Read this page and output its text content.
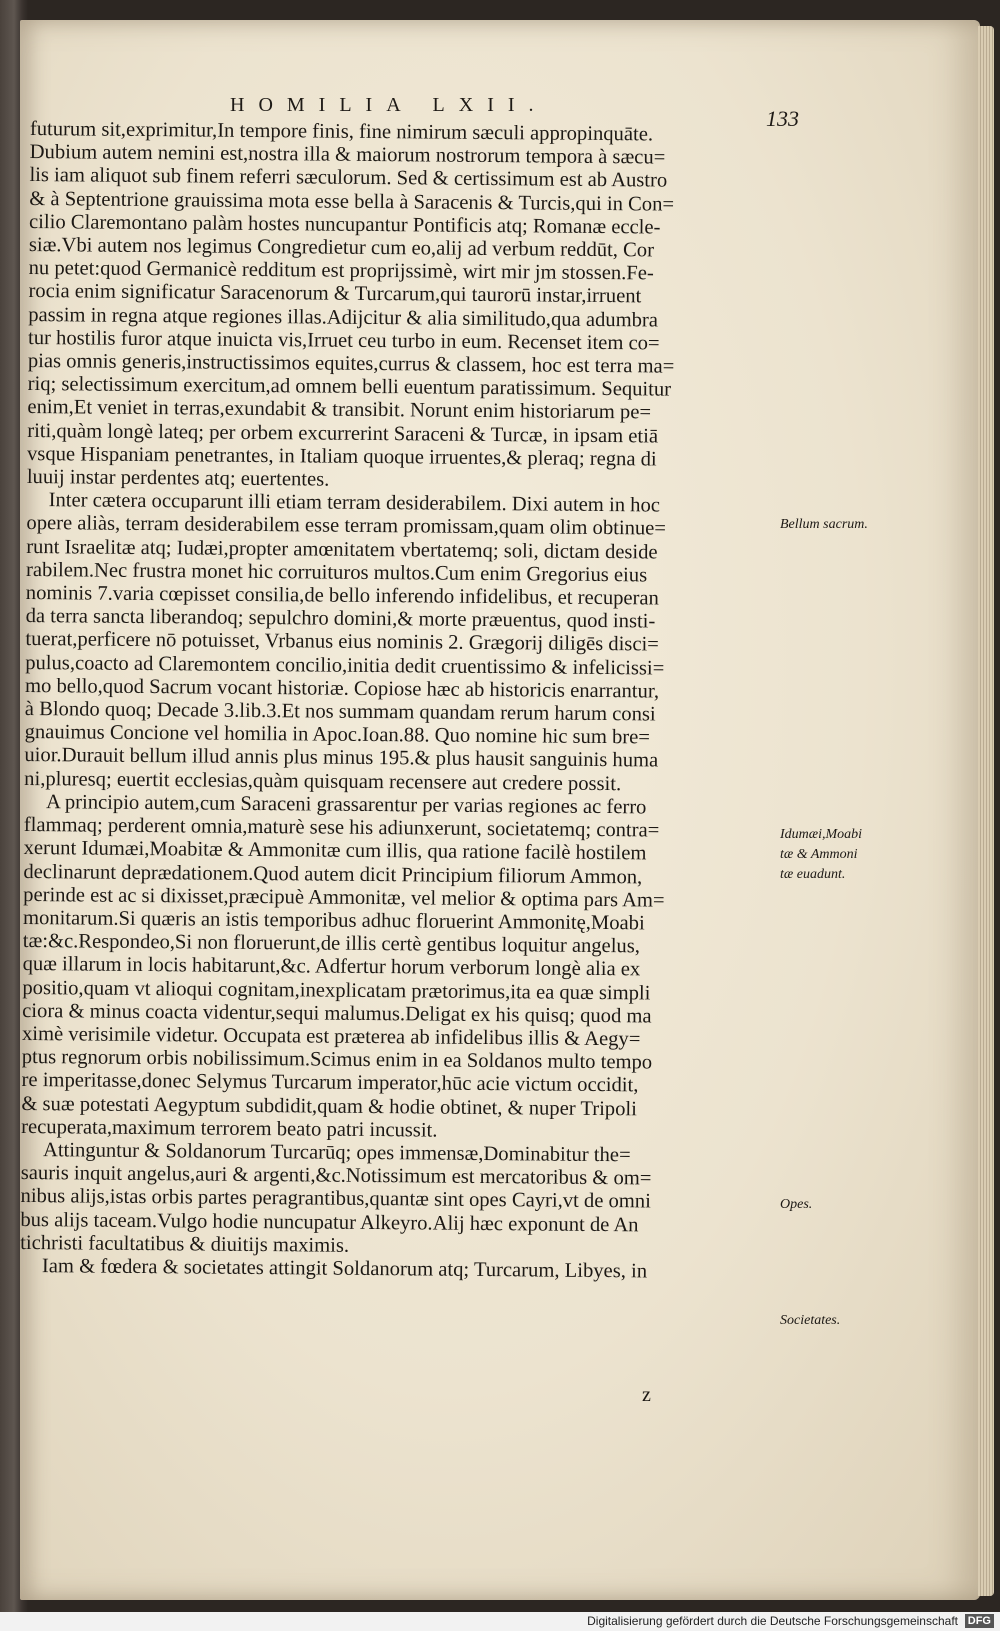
HOMILIA LXII.
133
futurum sit,exprimitur,In tempore finis, fine nimirum sæculi appropinquāte.
Dubium autem nemini est,nostra illa & maiorum nostrorum tempora à sæcu=
lis iam aliquot sub finem referri sæculorum. Sed & certissimum est ab Austro
& à Septentrione grauissima mota esse bella à Saracenis & Turcis,qui in Con=
cilio Claremontano palàm hostes nuncupantur Pontificis atq; Romanæ eccle-
siæ.Vbi autem nos legimus Congredietur cum eo,alij ad verbum reddūt, Cor
nu petet:quod Germanicè redditum est proprijssimè, wirt mir jm stossen.Fe-
rocia enim significatur Saracenorum & Turcarum,qui taurorū instar,irruent
passim in regna atque regiones illas.Adijcitur & alia similitudo,qua adumbra
tur hostilis furor atque inuicta vis,Irruet ceu turbo in eum. Recenset item co=
pias omnis generis,instructissimos equites,currus & classem, hoc est terra ma=
riq; selectissimum exercitum,ad omnem belli euentum paratissimum. Sequitur
enim,Et veniet in terras,exundabit & transibit. Norunt enim historiarum pe=
riti,quàm longè lateq; per orbem excurrerint Saraceni & Turcæ, in ipsam etiā
vsque Hispaniam penetrantes, in Italiam quoque irruentes,& pleraq; regna di
luuij instar perdentes atq; euertentes.
Inter cætera occuparunt illi etiam terram desiderabilem. Dixi autem in hoc
opere aliàs, terram desiderabilem esse terram promissam,quam olim obtinue=
runt Israelitæ atq; Iudæi,propter amœnitatem vbertatemq; soli, dictam deside
rabilem.Nec frustra monet hic corruituros multos.Cum enim Gregorius eius
nominis 7.varia cœpisset consilia,de bello inferendo infidelibus, et recuperan
da terra sancta liberandoq; sepulchro domini,& morte præuentus, quod insti-
tuerat,perficere nō potuisset, Vrbanus eius nominis 2. Grægorij diligēs disci=
pulus,coacto ad Claremontem concilio,initia dedit cruentissimo & infelicissi=
mo bello,quod Sacrum vocant historiæ. Copiose hæc ab historicis enarrantur,
à Blondo quoq; Decade 3.lib.3.Et nos summam quandam rerum harum consi
gnauimus Concione vel homilia in Apoc.Ioan.88. Quo nomine hic sum bre=
uior.Durauit bellum illud annis plus minus 195.& plus hausit sanguinis huma
ni,pluresq; euertit ecclesias,quàm quisquam recensere aut credere possit.
A principio autem,cum Saraceni grassarentur per varias regiones ac ferro
flammaq; perderent omnia,maturè sese his adiunxerunt, societatemq; contra=
xerunt Idumæi,Moabitæ & Ammonitæ cum illis, qua ratione facilè hostilem
declinarunt deprædationem.Quod autem dicit Principium filiorum Ammon,
perinde est ac si dixisset,præcipuè Ammonitæ, vel melior & optima pars Am=
monitarum.Si quæris an istis temporibus adhuc floruerint Ammonitę,Moabi
tæ:&c.Respondeo,Si non floruerunt,de illis certè gentibus loquitur angelus,
quæ illarum in locis habitarunt,&c. Adfertur horum verborum longè alia ex
positio,quam vt alioqui cognitam,inexplicatam prætorimus,ita ea quæ simpli
ciora & minus coacta videntur,sequi malumus.Deligat ex his quisq; quod ma
ximè verisimile videtur. Occupata est præterea ab infidelibus illis & Aegy=
ptus regnorum orbis nobilissimum.Scimus enim in ea Soldanos multo tempo
re imperitasse,donec Selymus Turcarum imperator,hūc acie victum occidit,
& suæ potestati Aegyptum subdidit,quam & hodie obtinet, & nuper Tripoli
recuperata,maximum terrorem beato patri incussit.
Attinguntur & Soldanorum Turcarūq; opes immensæ,Dominabitur the=
sauris inquit angelus,auri & argenti,&c.Notissimum est mercatoribus & om=
nibus alijs,istas orbis partes peragrantibus,quantæ sint opes Cayri,vt de omni
bus alijs taceam.Vulgo hodie nuncupatur Alkeyro.Alij hæc exponunt de An
tichristi facultatibus & diuitijs maximis.
Iam & fœdera & societates attingit Soldanorum atq; Turcarum, Libyes, in
Bellum sacrum.
Idumæi,Moabi
tæ & Ammoni
tæ euadunt.
Opes.
Societates.
z
Digitalisierung gefördert durch die Deutsche Forschungsgemeinschaft DFG
